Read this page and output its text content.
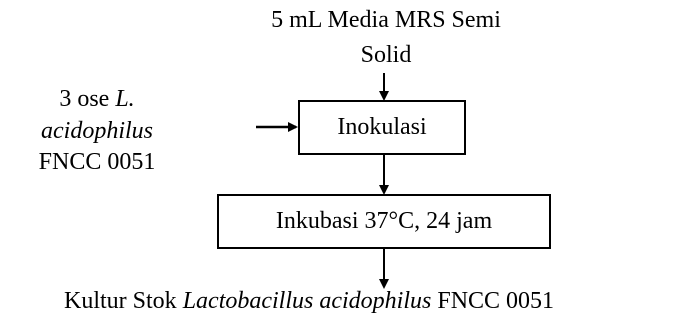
5 mL Media MRS Semi
Solid
3 ose L.
acidophilus
FNCC 0051
Inokulasi
Inkubasi 37°C, 24 jam
Kultur Stok Lactobacillus acidophilus FNCC 0051
